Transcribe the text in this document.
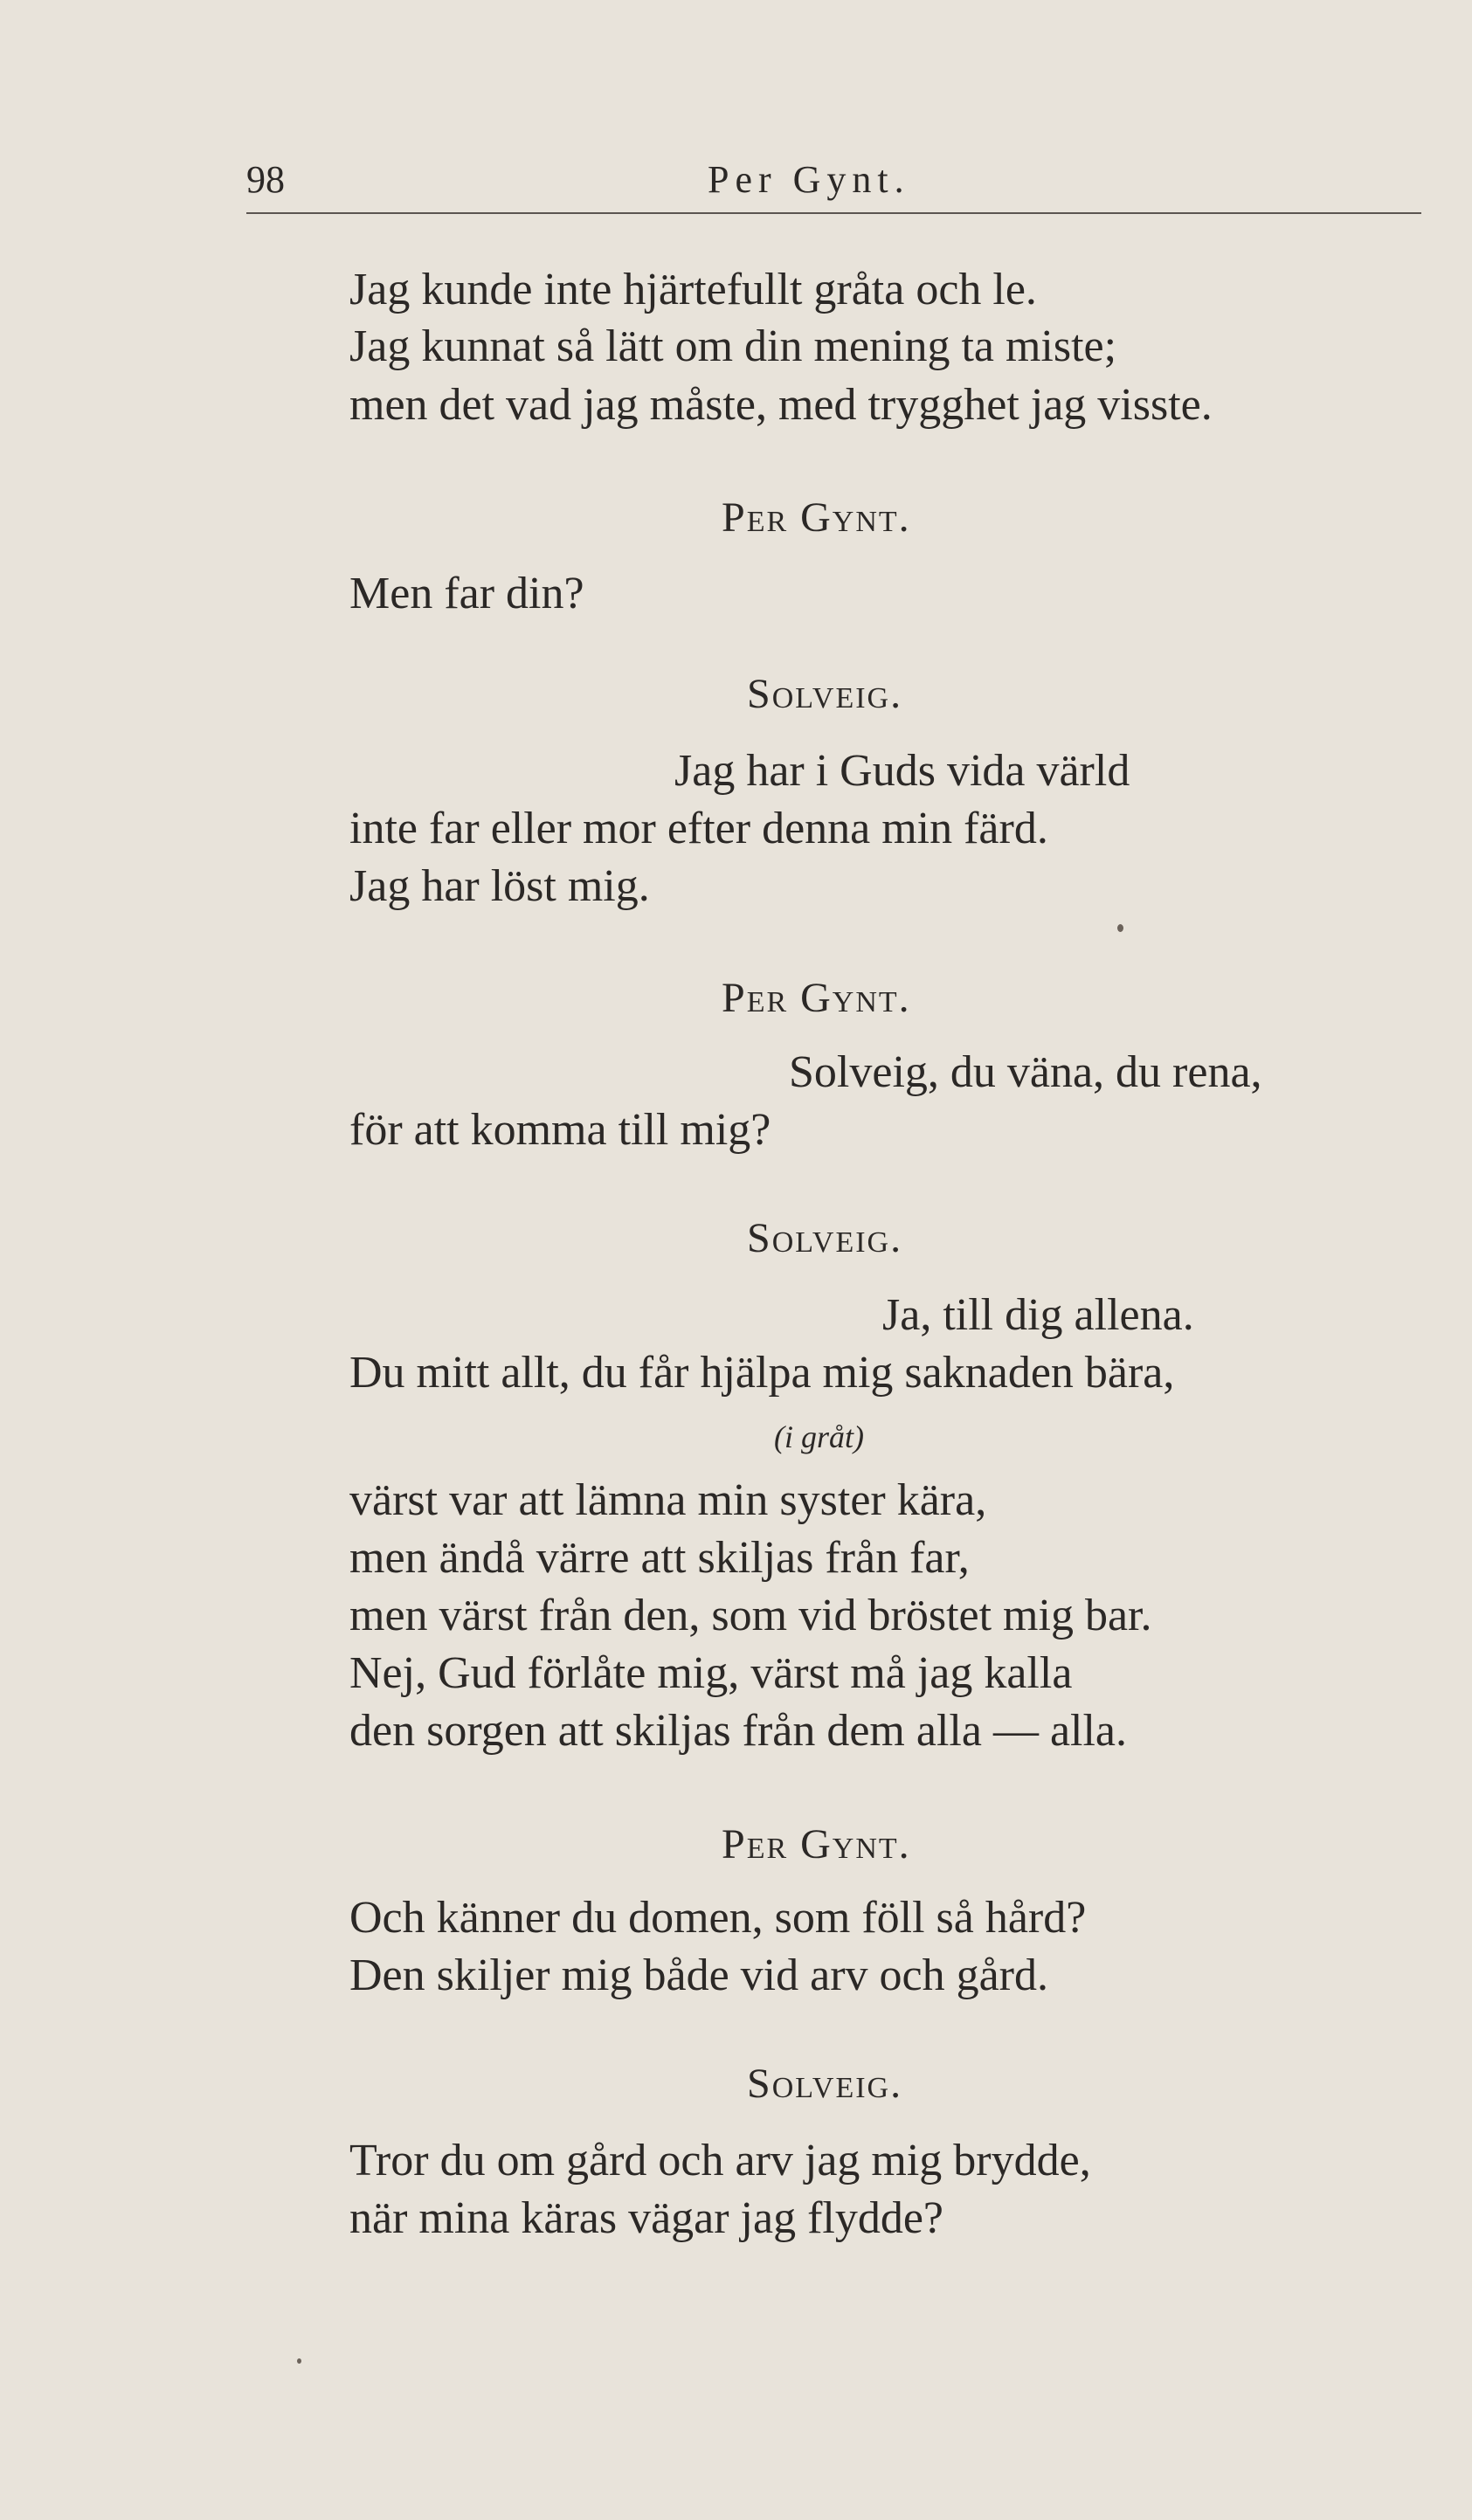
98	Per Gynt.
Jag kunde inte hjärtefullt gråta och le.
Jag kunnat så lätt om din mening ta miste;
men det vad jag måste, med trygghet jag visste.
Per Gynt.
Men far din?
Solveig.
Jag har i Guds vida värld
inte far eller mor efter denna min färd.
Jag har löst mig.
Per Gynt.
Solveig, du väna, du rena,
för att komma till mig?
Solveig.
Ja, till dig allena.
Du mitt allt, du får hjälpa mig saknaden bära,
(i gråt)
värst var att lämna min syster kära,
men ändå värre att skiljas från far,
men värst från den, som vid bröstet mig bar.
Nej, Gud förlåte mig, värst må jag kalla
den sorgen att skiljas från dem alla — alla.
Per Gynt.
Och känner du domen, som föll så hård?
Den skiljer mig både vid arv och gård.
Solveig.
Tror du om gård och arv jag mig brydde,
när mina käras vägar jag flydde?
